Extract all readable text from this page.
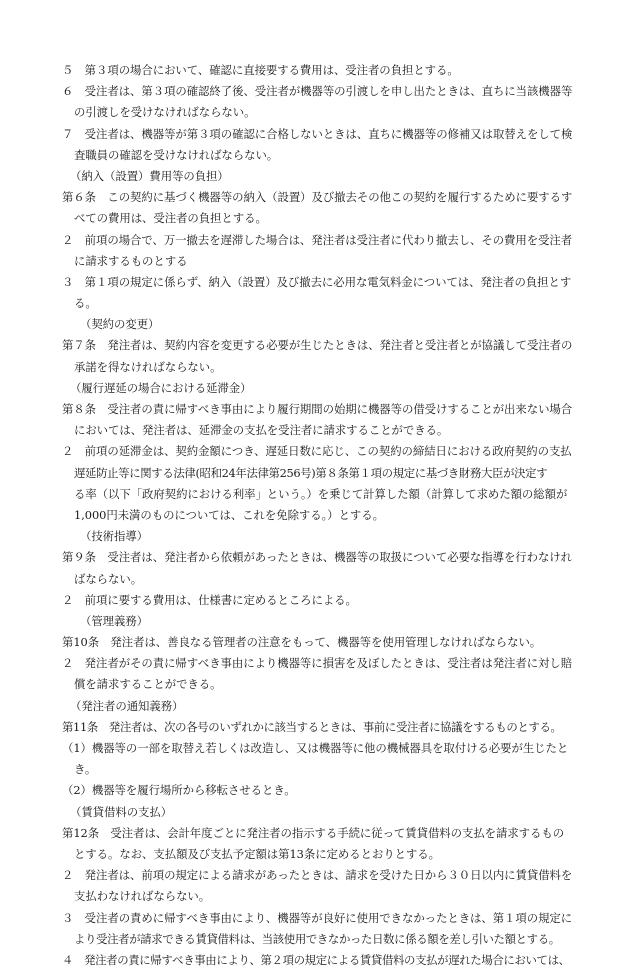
５　第３項の場合において、確認に直接要する費用は、受注者の負担とする。
６　受注者は、第３項の確認終了後、受注者が機器等の引渡しを申し出たときは、直ちに当該機器等
の引渡しを受けなければならない。
７　受注者は、機器等が第３項の確認に合格しないときは、直ちに機器等の修補又は取替えをして検
査職員の確認を受けなければならない。
（納入（設置）費用等の負担）
第６条　この契約に基づく機器等の納入（設置）及び撤去その他この契約を履行するために要するす
べての費用は、受注者の負担とする。
２　前項の場合で、万一撤去を遅滞した場合は、発注者は受注者に代わり撤去し、その費用を受注者
に請求するものとする
３　第１項の規定に係らず、納入（設置）及び撤去に必用な電気料金については、発注者の負担とす
る。
（契約の変更）
第７条　発注者は、契約内容を変更する必要が生じたときは、発注者と受注者とが協議して受注者の
承諾を得なければならない。
（履行遅延の場合における延滞金）
第８条　受注者の責に帰すべき事由により履行期間の始期に機器等の借受けすることが出来ない場合
においては、発注者は、延滞金の支払を受注者に請求することができる。
２　前項の延滞金は、契約金額につき、遅延日数に応じ、この契約の締結日における政府契約の支払
遅延防止等に関する法律(昭和24年法律第256号)第８条第１項の規定に基づき財務大臣が決定す
る率（以下「政府契約における利率」という。）を乗じて計算した額（計算して求めた額の総額が
1,000円未満のものについては、これを免除する。）とする。
（技術指導）
第９条　受注者は、発注者から依頼があったときは、機器等の取扱について必要な指導を行わなけれ
ばならない。
２　前項に要する費用は、仕様書に定めるところによる。
（管理義務）
第10条　発注者は、善良なる管理者の注意をもって、機器等を使用管理しなければならない。
２　発注者がその責に帰すべき事由により機器等に損害を及ぼしたときは、受注者は発注者に対し賠
償を請求することができる。
（発注者の通知義務）
第11条　発注者は、次の各号のいずれかに該当するときは、事前に受注者に協議をするものとする。
（1）機器等の一部を取替え若しくは改造し、又は機器等に他の機械器具を取付ける必要が生じたと
き。
（2）機器等を履行場所から移転させるとき。
（賃貸借料の支払）
第12条　受注者は、会計年度ごとに発注者の指示する手続に従って賃貸借料の支払を請求するもの
とする。なお、支払額及び支払予定額は第13条に定めるとおりとする。
２　発注者は、前項の規定による請求があったときは、請求を受けた日から３０日以内に賃貸借料を
支払わなければならない。
３　受注者の責めに帰すべき事由により、機器等が良好に使用できなかったときは、第１項の規定に
より受注者が請求できる賃貸借料は、当該使用できなかった日数に係る額を差し引いた額とする。
４　発注者の責に帰すべき事由により、第２項の規定による賃貸借料の支払が遅れた場合においては、
